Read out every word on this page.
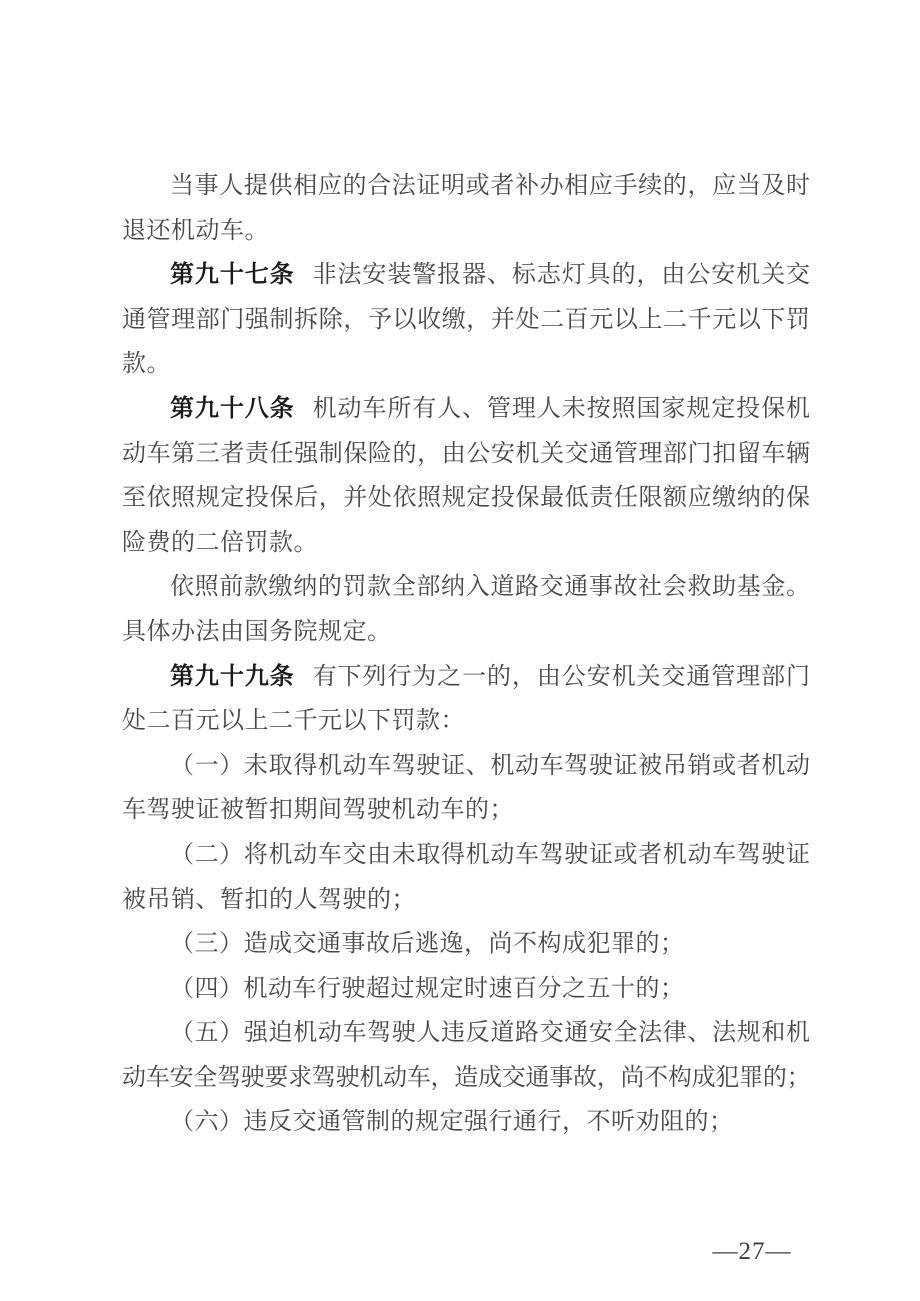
当事人提供相应的合法证明或者补办相应手续的，应当及时
退还机动车。
第九十七条 非法安装警报器、标志灯具的，由公安机关交
通管理部门强制拆除，予以收缴，并处二百元以上二千元以下罚
款。
第九十八条 机动车所有人、管理人未按照国家规定投保机
动车第三者责任强制保险的，由公安机关交通管理部门扣留车辆
至依照规定投保后，并处依照规定投保最低责任限额应缴纳的保
险费的二倍罚款。
依照前款缴纳的罚款全部纳入道路交通事故社会救助基金。
具体办法由国务院规定。
第九十九条 有下列行为之一的，由公安机关交通管理部门
处二百元以上二千元以下罚款：
（一）未取得机动车驾驶证、机动车驾驶证被吊销或者机动
车驾驶证被暂扣期间驾驶机动车的；
（二）将机动车交由未取得机动车驾驶证或者机动车驾驶证
被吊销、暂扣的人驾驶的；
（三）造成交通事故后逃逸，尚不构成犯罪的；
（四）机动车行驶超过规定时速百分之五十的；
（五）强迫机动车驾驶人违反道路交通安全法律、法规和机
动车安全驾驶要求驾驶机动车，造成交通事故，尚不构成犯罪的；
（六）违反交通管制的规定强行通行，不听劝阻的；
—27—
